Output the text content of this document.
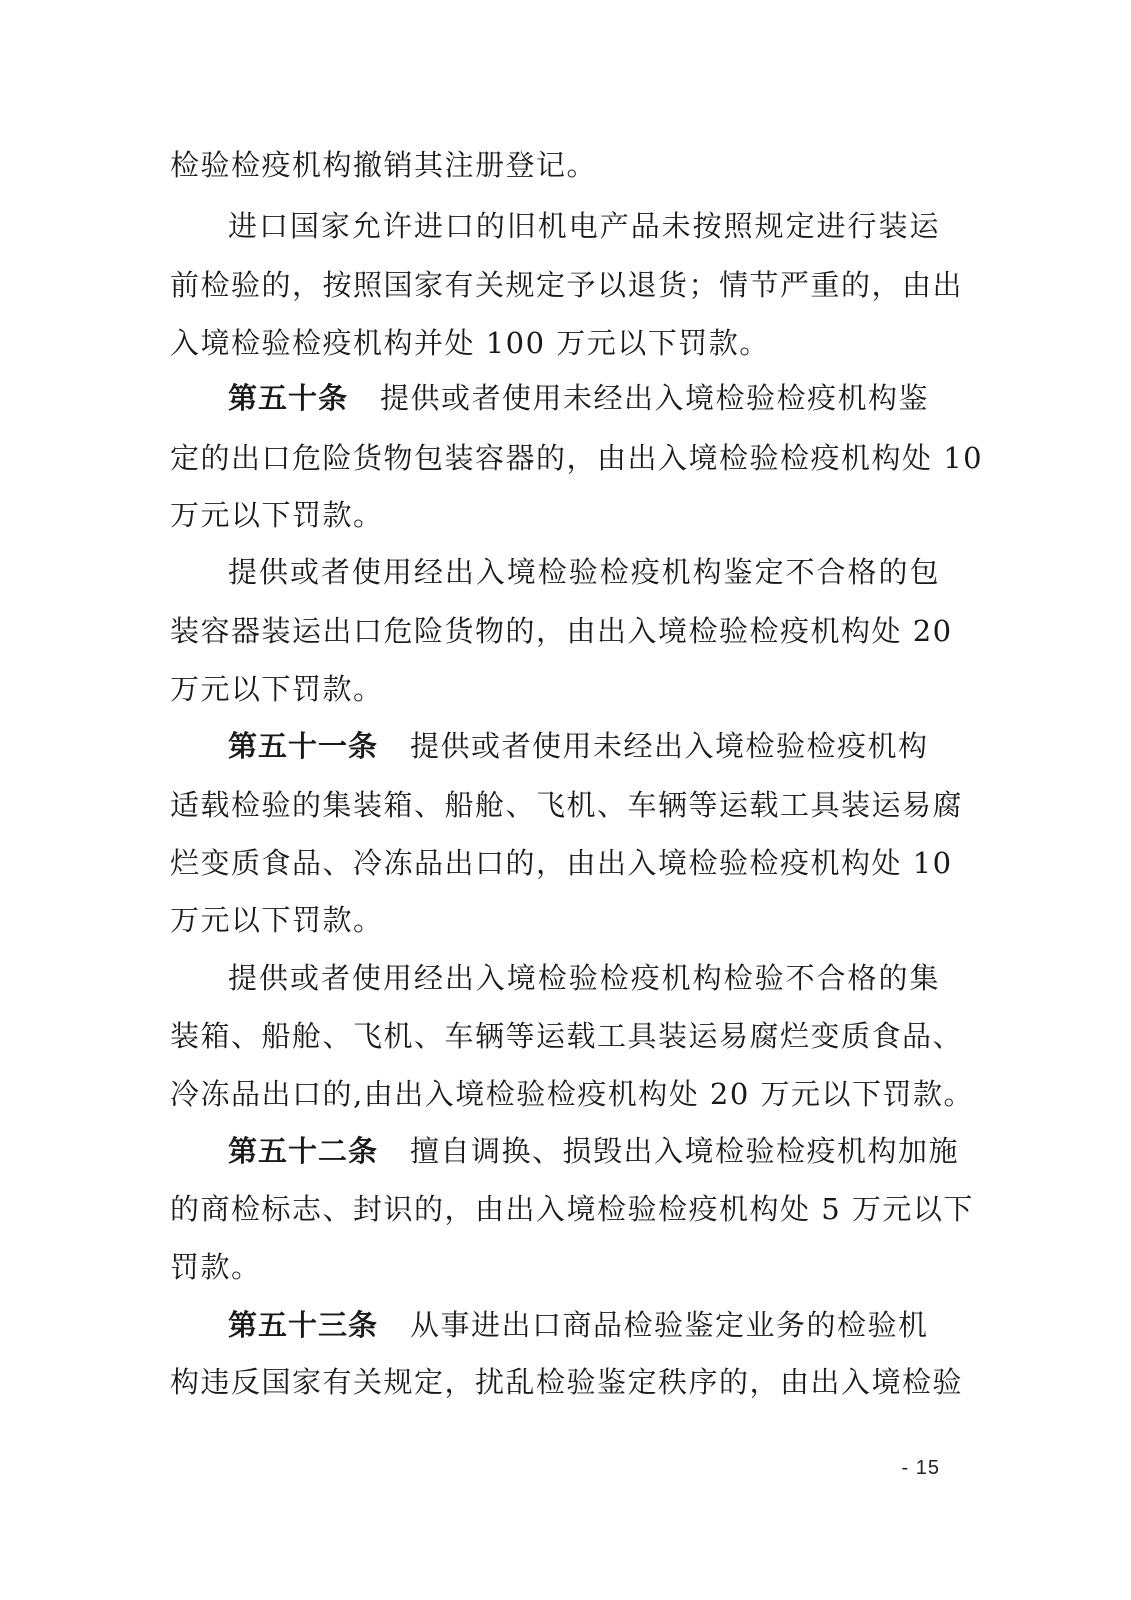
检验检疫机构撤销其注册登记。
进口国家允许进口的旧机电产品未按照规定进行装运
前检验的，按照国家有关规定予以退货；情节严重的，由出
入境检验检疫机构并处 100 万元以下罚款。
第五十条 提供或者使用未经出入境检验检疫机构鉴
定的出口危险货物包装容器的，由出入境检验检疫机构处 10
万元以下罚款。
提供或者使用经出入境检验检疫机构鉴定不合格的包
装容器装运出口危险货物的，由出入境检验检疫机构处 20
万元以下罚款。
第五十一条 提供或者使用未经出入境检验检疫机构
适载检验的集装箱、船舱、飞机、车辆等运载工具装运易腐
烂变质食品、冷冻品出口的，由出入境检验检疫机构处 10
万元以下罚款。
提供或者使用经出入境检验检疫机构检验不合格的集
装箱、船舱、飞机、车辆等运载工具装运易腐烂变质食品、
冷冻品出口的,由出入境检验检疫机构处 20 万元以下罚款。
第五十二条 擅自调换、损毁出入境检验检疫机构加施
的商检标志、封识的，由出入境检验检疫机构处 5 万元以下
罚款。
第五十三条 从事进出口商品检验鉴定业务的检验机
构违反国家有关规定，扰乱检验鉴定秩序的，由出入境检验
- 15
